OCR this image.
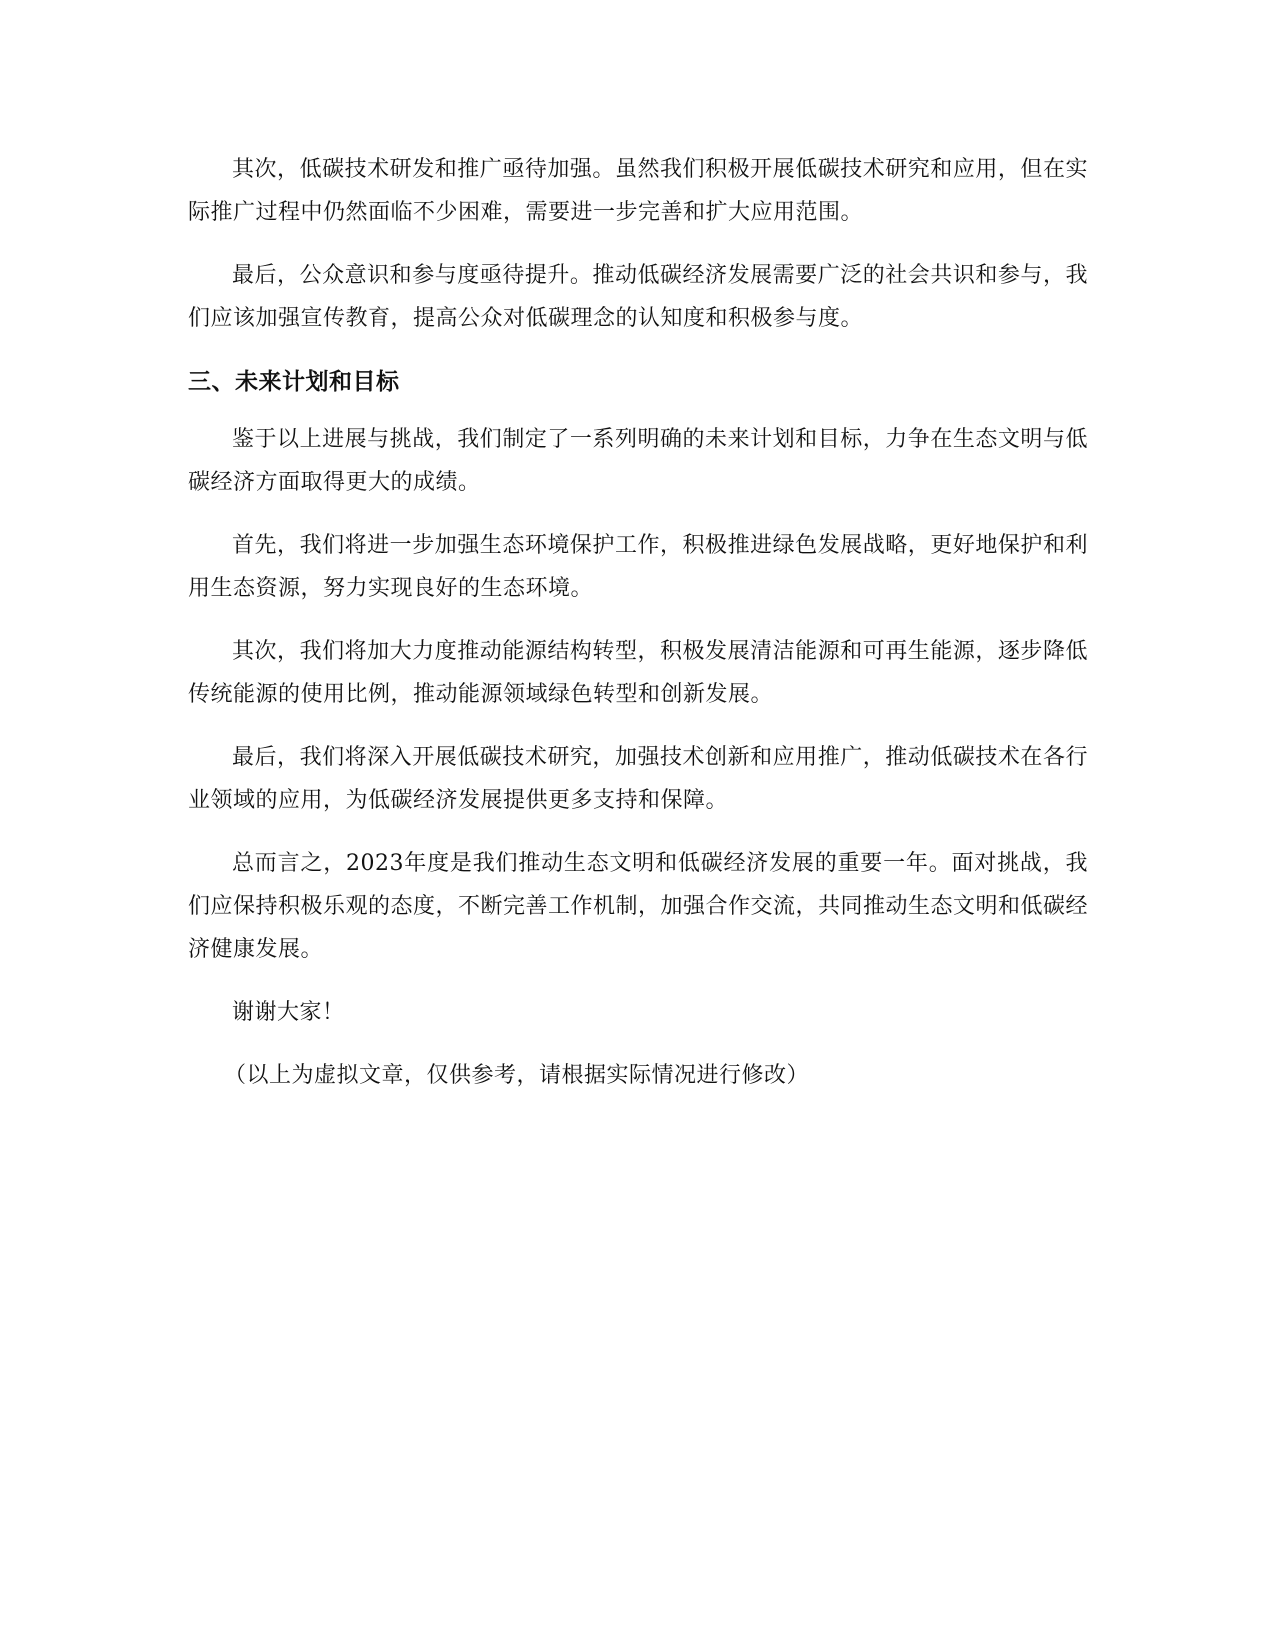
其次，低碳技术研发和推广亟待加强。虽然我们积极开展低碳技术研究和应用，但在实际推广过程中仍然面临不少困难，需要进一步完善和扩大应用范围。

最后，公众意识和参与度亟待提升。推动低碳经济发展需要广泛的社会共识和参与，我们应该加强宣传教育，提高公众对低碳理念的认知度和积极参与度。

三、未来计划和目标

鉴于以上进展与挑战，我们制定了一系列明确的未来计划和目标，力争在生态文明与低碳经济方面取得更大的成绩。

首先，我们将进一步加强生态环境保护工作，积极推进绿色发展战略，更好地保护和利用生态资源，努力实现良好的生态环境。

其次，我们将加大力度推动能源结构转型，积极发展清洁能源和可再生能源，逐步降低传统能源的使用比例，推动能源领域绿色转型和创新发展。

最后，我们将深入开展低碳技术研究，加强技术创新和应用推广，推动低碳技术在各行业领域的应用，为低碳经济发展提供更多支持和保障。

总而言之，2023年度是我们推动生态文明和低碳经济发展的重要一年。面对挑战，我们应保持积极乐观的态度，不断完善工作机制，加强合作交流，共同推动生态文明和低碳经济健康发展。

谢谢大家！

（以上为虚拟文章，仅供参考，请根据实际情况进行修改）
